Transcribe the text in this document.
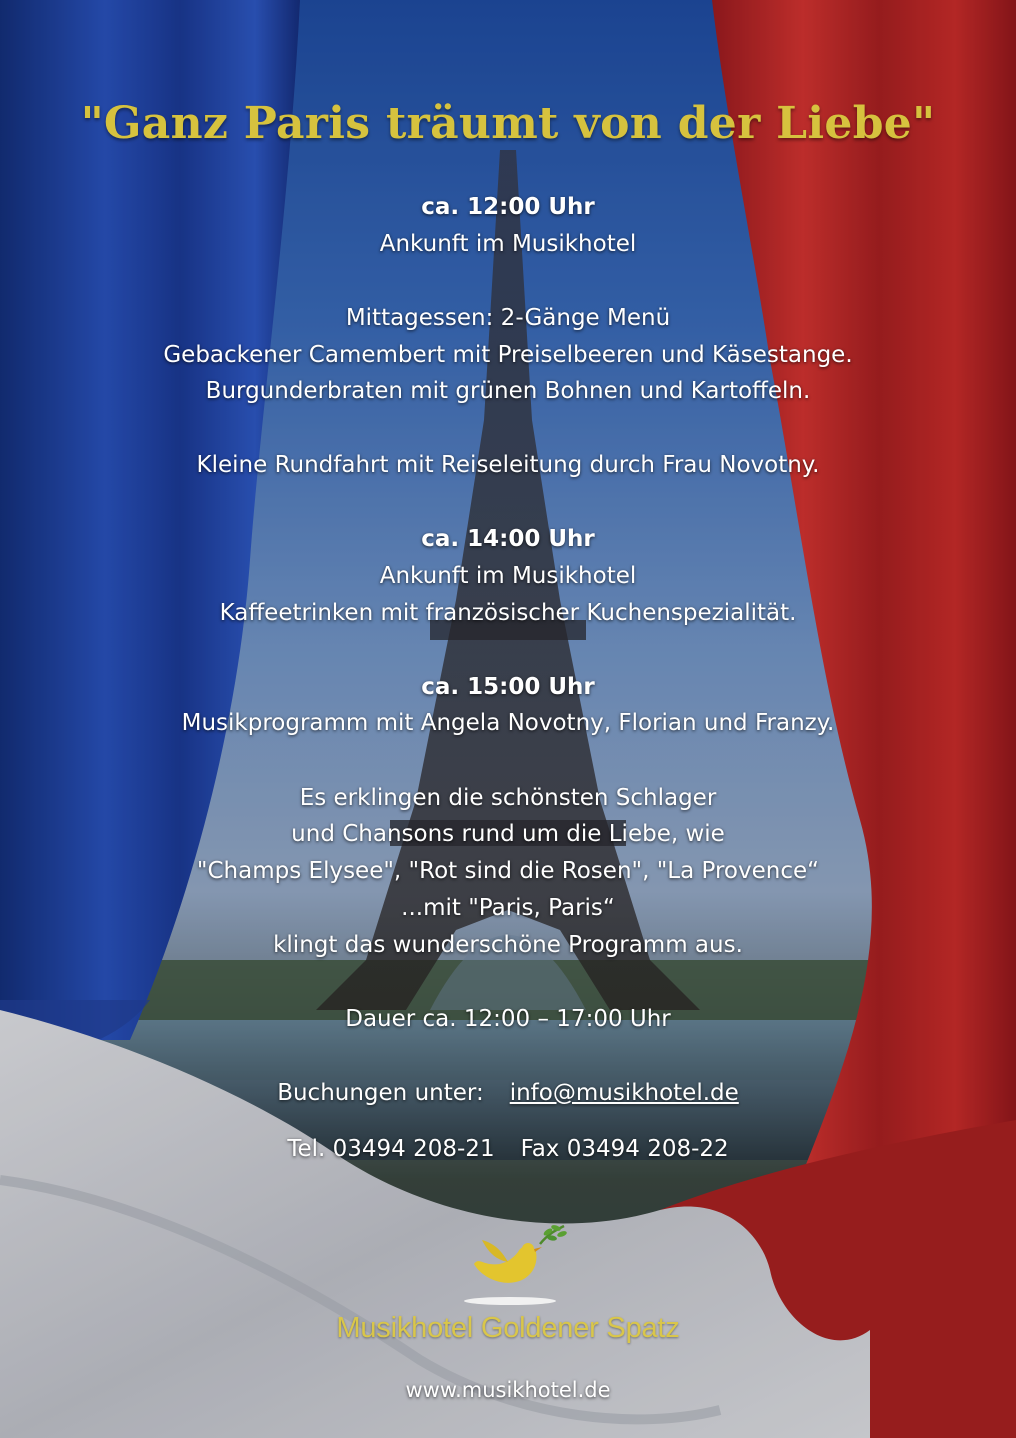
"Ganz Paris träumt von der Liebe"
ca. 12:00 Uhr
Ankunft im Musikhotel
Mittagessen: 2-Gänge Menü
Gebackener Camembert mit Preiselbeeren und Käsestange.
Burgunderbraten mit grünen Bohnen und Kartoffeln.
Kleine Rundfahrt mit Reiseleitung durch Frau Novotny.
ca. 14:00 Uhr
Ankunft im Musikhotel
Kaffeetrinken mit französischer Kuchenspezialität.
ca. 15:00 Uhr
Musikprogramm mit Angela Novotny, Florian und Franzy.
Es erklingen die schönsten Schlager
und Chansons rund um die Liebe, wie
"Champs Elysee", "Rot sind die Rosen", "La Provence“
...mit "Paris, Paris“
klingt das wunderschöne Programm aus.
Dauer ca. 12:00 – 17:00 Uhr
Buchungen unter: info@musikhotel.de
Tel. 03494 208-21 Fax 03494 208-22
Musikhotel Goldener Spatz
www.musikhotel.de
